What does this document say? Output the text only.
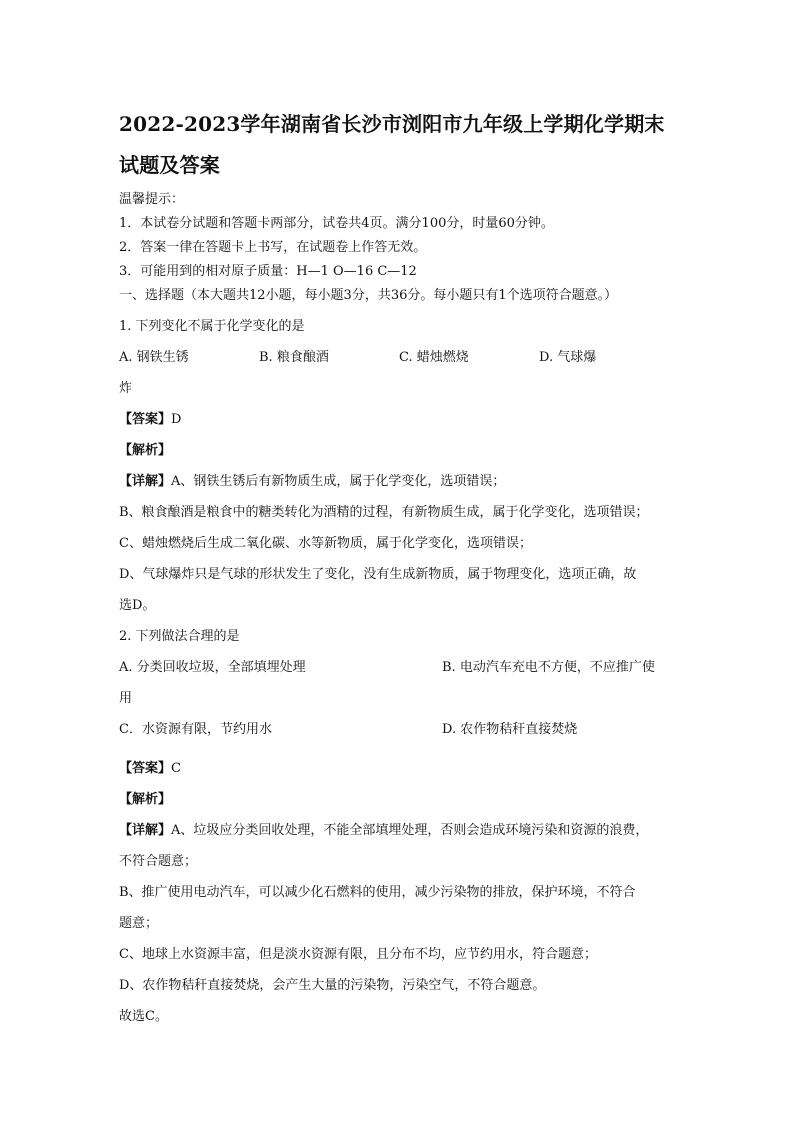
2022-2023学年湖南省长沙市浏阳市九年级上学期化学期末
试题及答案

温馨提示：

1．本试卷分试题和答题卡两部分，试卷共4页。满分100分，时量60分钟。

2．答案一律在答题卡上书写，在试题卷上作答无效。

3．可能用到的相对原子质量：H—1 O—16 C—12

一、选择题（本大题共12小题，每小题3分，共36分。每小题只有1个选项符合题意。）

1. 下列变化不属于化学变化的是

A. 钢铁生锈	B. 粮食酿酒	C. 蜡烛燃烧	D. 气球爆

炸

【答案】D

【解析】

【详解】A、钢铁生锈后有新物质生成，属于化学变化，选项错误；

B、粮食酿酒是粮食中的糖类转化为酒精的过程，有新物质生成，属于化学变化，选项错误；

C、蜡烛燃烧后生成二氧化碳、水等新物质，属于化学变化，选项错误；

D、气球爆炸只是气球的形状发生了变化，没有生成新物质，属于物理变化，选项正确，故

选D。

2. 下列做法合理的是

A. 分类回收垃圾，全部填埋处理	B. 电动汽车充电不方便，不应推广使

用

C．水资源有限，节约用水	D. 农作物秸秆直接焚烧

【答案】C

【解析】

【详解】A、垃圾应分类回收处理，不能全部填埋处理，否则会造成环境污染和资源的浪费，

不符合题意；

B、推广使用电动汽车，可以减少化石燃料的使用，减少污染物的排放，保护环境，不符合

题意；

C、地球上水资源丰富，但是淡水资源有限，且分布不均，应节约用水，符合题意；

D、农作物秸秆直接焚烧，会产生大量的污染物，污染空气，不符合题意。

故选C。
